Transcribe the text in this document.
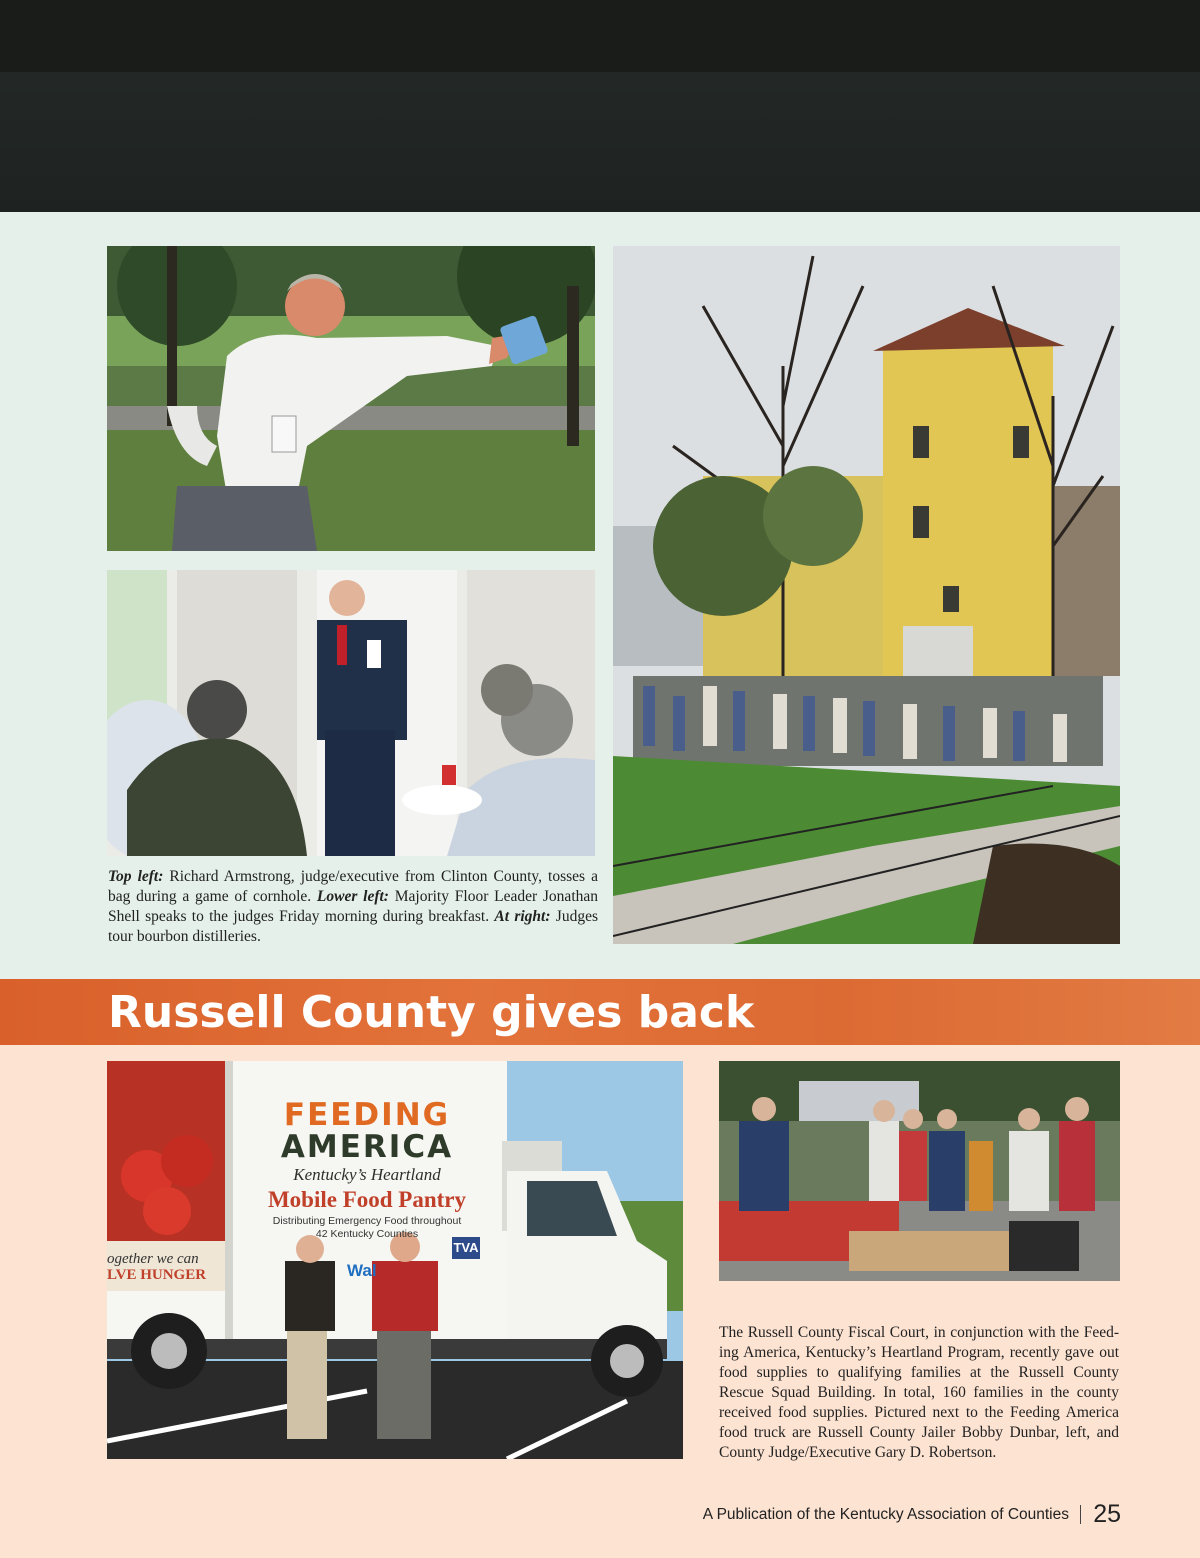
Top left: Richard Armstrong, judge/executive from Clinton County, tosses a bag during a game of cornhole. Lower left: Majority Floor Leader Jonathan Shell speaks to the judges Friday morning during breakfast. At right: Judges tour bourbon distilleries.
Russell County gives back
FEEDING
AMERICA
Kentucky’s Heartland
Mobile Food Pantry
Distributing Emergency Food throughout
42 Kentucky Counties
ogether we can
LVE HUNGER
TVA
Wal
The Russell County Fiscal Court, in conjunction with the Feed-ing America, Kentucky’s Heartland Program, recently gave out food supplies to qualifying families at the Russell County Rescue Squad Building. In total, 160 families in the county received food supplies. Pictured next to the Feeding America food truck are Russell County Jailer Bobby Dunbar, left, and County Judge/Executive Gary D. Robertson.
A Publication of the Kentucky Association of Counties 25
